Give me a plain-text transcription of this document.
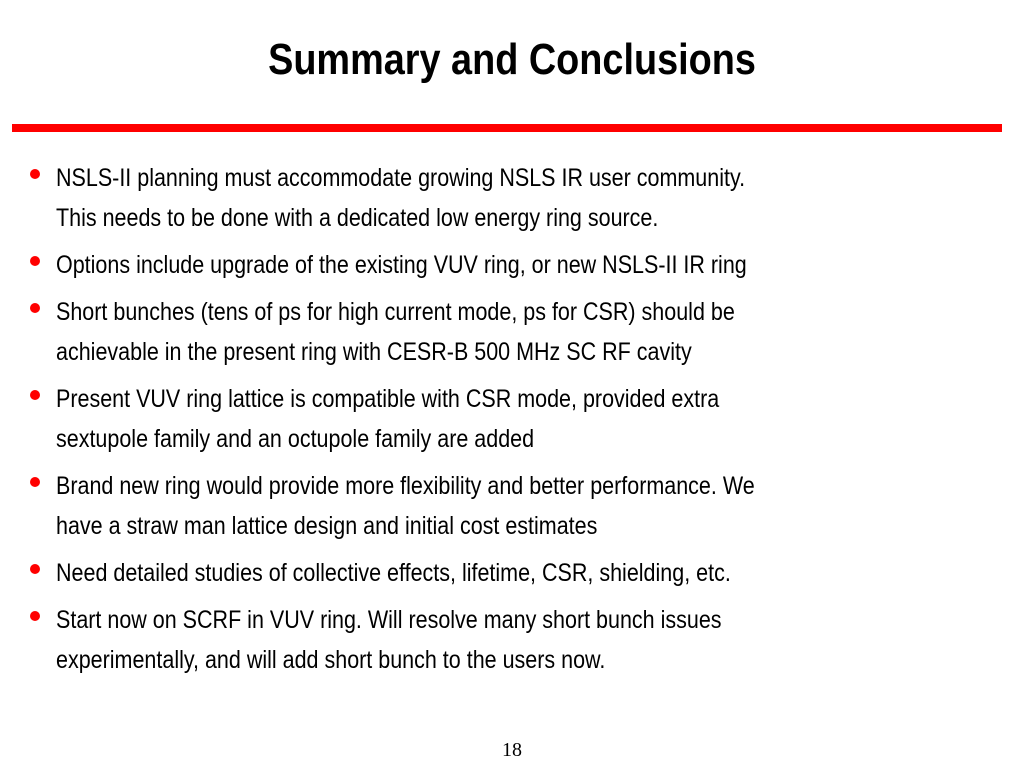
Summary and Conclusions
NSLS-II planning must accommodate growing NSLS IR user community.
This needs to be done with a dedicated low energy ring source.
Options include upgrade of the existing VUV ring, or new NSLS-II IR ring
Short bunches (tens of ps for high current mode, ps for CSR) should be
achievable in the present ring with CESR-B 500 MHz SC RF cavity
Present VUV ring lattice is compatible with CSR mode, provided extra
sextupole family and an octupole family are added
Brand new ring would provide more flexibility and better performance. We
have a straw man lattice design and initial cost estimates
Need detailed studies of collective effects, lifetime, CSR, shielding, etc.
Start now on SCRF in VUV ring. Will resolve many short bunch issues
experimentally, and will add short bunch to the users now.
18
